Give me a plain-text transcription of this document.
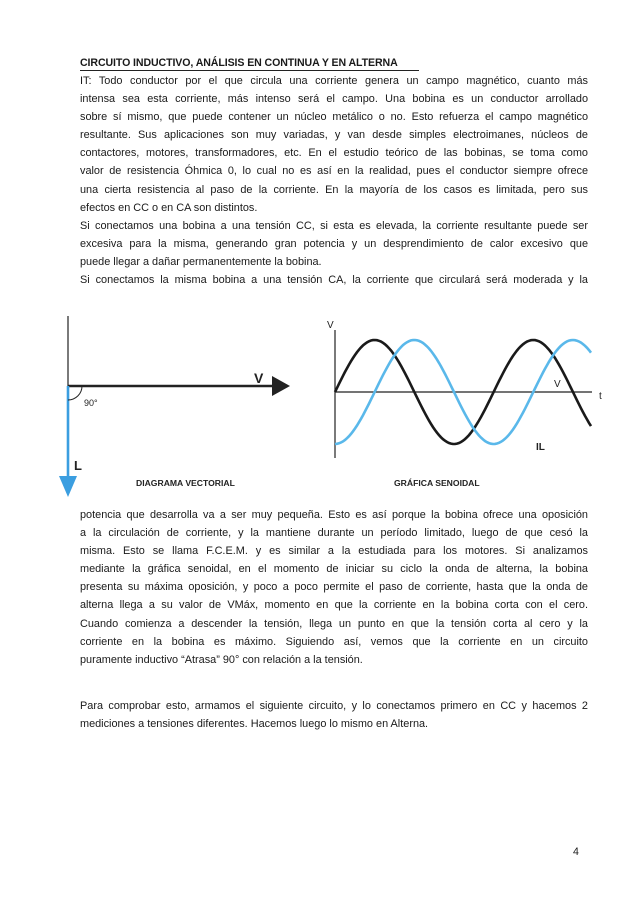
CIRCUITO INDUCTIVO, ANÁLISIS EN CONTINUA Y EN ALTERNA
IT: Todo conductor por el que circula una corriente genera un campo magnético, cuanto más
intensa sea esta corriente, más intenso será el campo. Una bobina es un conductor arrollado
sobre sí mismo, que puede contener un núcleo metálico o no. Esto refuerza el campo magnético
resultante. Sus aplicaciones son muy variadas, y van desde simples electroimanes, núcleos de
contactores, motores, transformadores, etc. En el estudio teórico de las bobinas, se toma como
valor de resistencia Óhmica 0, lo cual no es así en la realidad, pues el conductor siempre ofrece
una cierta resistencia al paso de la corriente. En la mayoría de los casos es limitada, pero sus
efectos en CC o en CA son distintos.
Si conectamos una bobina a una tensión CC, si esta es elevada, la corriente resultante puede ser
excesiva para la misma, generando gran potencia y un desprendimiento de calor excesivo que
puede llegar a dañar permanentemente la bobina.
Si conectamos la misma bobina a una tensión CA, la corriente que circulará será moderada y la
V
L
90°
DIAGRAMA VECTORIAL
V
t
V
IL
GRÁFICA SENOIDAL
potencia que desarrolla va a ser muy pequeña. Esto es así porque la bobina ofrece una oposición
a la circulación de corriente, y la mantiene durante un período limitado, luego de que cesó la
misma. Esto se llama F.C.E.M. y es similar a la estudiada para los motores. Si analizamos
mediante la gráfica senoidal, en el momento de iniciar su ciclo la onda de alterna, la bobina
presenta su máxima oposición, y poco a poco permite el paso de corriente, hasta que la onda de
alterna llega a su valor de VMáx, momento en que la corriente en la bobina corta con el cero.
Cuando comienza a descender la tensión, llega un punto en que la tensión corta al cero y la
corriente en la bobina es máximo. Siguiendo así, vemos que la corriente en un circuito
puramente inductivo “Atrasa” 90° con relación a la tensión.
Para comprobar esto, armamos el siguiente circuito, y lo conectamos primero en CC y hacemos 2
mediciones a tensiones diferentes. Hacemos luego lo mismo en Alterna.
4
